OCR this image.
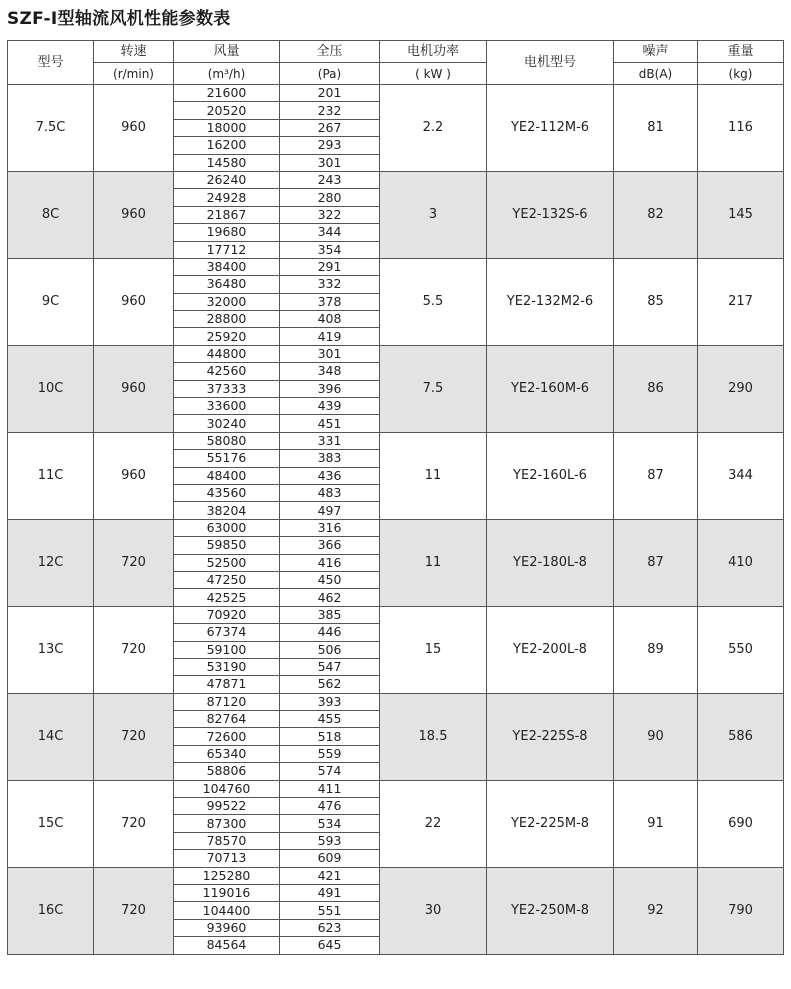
SZF-I型轴流风机性能参数表
型号	转速	风量	全压	电机功率	电机型号	噪声	重量
	(r/min)	(m³/h)	(Pa)	( kW )		dB(A)	(kg)
7.5C	960	21600	201	2.2	YE2-112M-6	81	116
		20520	232				
		18000	267				
		16200	293				
		14580	301				
8C	960	26240	243	3	YE2-132S-6	82	145
		24928	280				
		21867	322				
		19680	344				
		17712	354				
9C	960	38400	291	5.5	YE2-132M2-6	85	217
		36480	332				
		32000	378				
		28800	408				
		25920	419				
10C	960	44800	301	7.5	YE2-160M-6	86	290
		42560	348				
		37333	396				
		33600	439				
		30240	451				
11C	960	58080	331	11	YE2-160L-6	87	344
		55176	383				
		48400	436				
		43560	483				
		38204	497				
12C	720	63000	316	11	YE2-180L-8	87	410
		59850	366				
		52500	416				
		47250	450				
		42525	462				
13C	720	70920	385	15	YE2-200L-8	89	550
		67374	446				
		59100	506				
		53190	547				
		47871	562				
14C	720	87120	393	18.5	YE2-225S-8	90	586
		82764	455				
		72600	518				
		65340	559				
		58806	574				
15C	720	104760	411	22	YE2-225M-8	91	690
		99522	476				
		87300	534				
		78570	593				
		70713	609				
16C	720	125280	421	30	YE2-250M-8	92	790
		119016	491				
		104400	551				
		93960	623				
		84564	645				
